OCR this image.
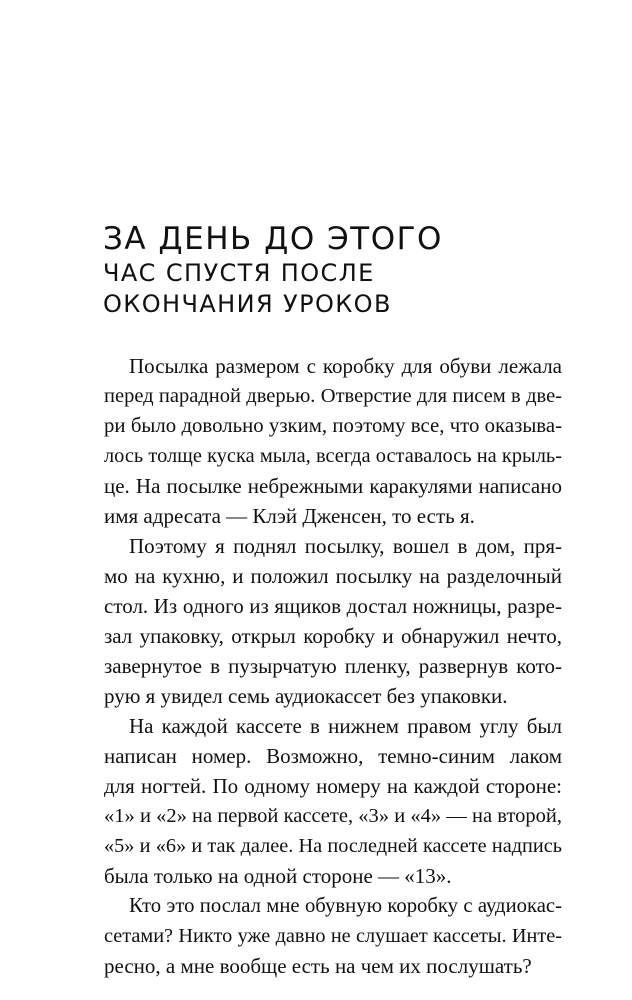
ЗА ДЕНЬ ДО ЭТОГО
ЧАС СПУСТЯ ПОСЛЕ
ОКОНЧАНИЯ УРОКОВ
Посылка размером с коробку для обуви лежала
перед парадной дверью. Отверстие для писем в две-
ри было довольно узким, поэтому все, что оказыва-
лось толще куска мыла, всегда оставалось на крыль-
це. На посылке небрежными каракулями написано
имя адресата — Клэй Дженсен, то есть я.
Поэтому я поднял посылку, вошел в дом, пря-
мо на кухню, и положил посылку на разделочный
стол. Из одного из ящиков достал ножницы, разре-
зал упаковку, открыл коробку и обнаружил нечто,
завернутое в пузырчатую пленку, развернув кото-
рую я увидел семь аудиокассет без упаковки.
На каждой кассете в нижнем правом углу был
написан номер. Возможно, темно-синим лаком
для ногтей. По одному номеру на каждой стороне:
«1» и «2» на первой кассете, «3» и «4» — на второй,
«5» и «6» и так далее. На последней кассете надпись
была только на одной стороне — «13».
Кто это послал мне обувную коробку с аудиокас-
сетами? Никто уже давно не слушает кассеты. Инте-
ресно, а мне вообще есть на чем их послушать?
